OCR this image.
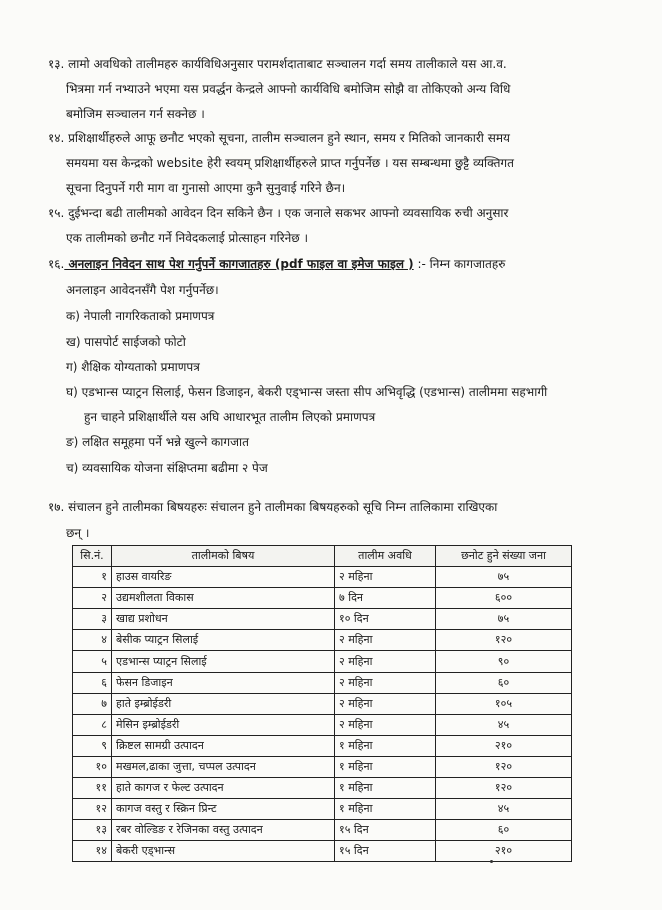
१३. लामो अवधिको तालीमहरु कार्यविधिअनुसार परामर्शदाताबाट सञ्चालन गर्दा समय तालीकाले यस आ.व.
भित्रमा गर्न नभ्याउने भएमा यस प्रवर्द्धन केन्द्रले आफ्नो कार्यविधि बमोजिम सोझै वा तोकिएको अन्य विधि
बमोजिम सञ्चालन गर्न सक्नेछ ।
१४. प्रशिक्षार्थीहरुले आफू छनौट भएको सूचना, तालीम सञ्चालन हुने स्थान, समय र मितिको जानकारी समय
समयमा यस केन्द्रको website हेरी स्वयम् प्रशिक्षार्थीहरुले प्राप्त गर्नुपर्नेछ । यस सम्बन्धमा छुट्टै व्यक्तिगत
सूचना दिनुपर्ने गरी माग वा गुनासो आएमा कुनै सुनुवाई गरिने छैन।
१५. दुईभन्दा बढी तालीमको आवेदन दिन सकिने छैन । एक जनाले सकभर आफ्नो व्यवसायिक रुची अनुसार
एक तालीमको छनौट गर्ने निवेदकलाई प्रोत्साहन गरिनेछ ।
१६. अनलाइन निवेदन साथ पेश गर्नुपर्ने कागजातहरु (pdf फाइल वा इमेज फाइल ) :- निम्न कागजातहरु
अनलाइन आवेदनसँगै पेश गर्नुपर्नेछ।
क) नेपाली नागरिकताको प्रमाणपत्र
ख) पासपोर्ट साईजको फोटो
ग) शैक्षिक योग्यताको प्रमाणपत्र
घ) एडभान्स प्याट्रन सिलाई, फेसन डिजाइन, बेकरी एड्भान्स जस्ता सीप अभिवृद्धि (एडभान्स) तालीममा सहभागी
हुन चाहने प्रशिक्षार्थीले यस अघि आधारभूत तालीम लिएको प्रमाणपत्र
ङ) लक्षित समूहमा पर्ने भन्ने खुल्ने कागजात
च) व्यवसायिक योजना संक्षिप्तमा बढीमा २ पेज
१७. संचालन हुने तालीमका बिषयहरुः संचालन हुने तालीमका बिषयहरुको सूचि निम्न तालिकामा राखिएका
छन् ।
सि.नं.	तालीमको बिषय	तालीम अवधि	छनोट हुने संख्या जना
१	हाउस वायरिङ	२ महिना	७५
२	उद्यमशीलता विकास	७ दिन	६००
३	खाद्य प्रशोधन	१० दिन	७५
४	बेसीक प्याट्रन सिलाई	२ महिना	१२०
५	एडभान्स प्याट्रन सिलाई	२ महिना	९०
६	फेसन डिजाइन	२ महिना	६०
७	हाते इम्ब्रोईडरी	२ महिना	१०५
८	मेसिन इम्ब्रोईडरी	२ महिना	४५
९	क्रिष्टल सामग्री उत्पादन	१ महिना	२१०
१०	मखमल,ढाका जुत्ता, चप्पल उत्पादन	१ महिना	१२०
११	हाते कागज र फेल्ट उत्पादन	१ महिना	१२०
१२	कागज वस्तु र स्क्रिन प्रिन्ट	१ महिना	४५
१३	रबर वोल्डिङ र रेजिनका वस्तु उत्पादन	१५ दिन	६०
१४	बेकरी एड्भान्स	१५ दिन	२१०
